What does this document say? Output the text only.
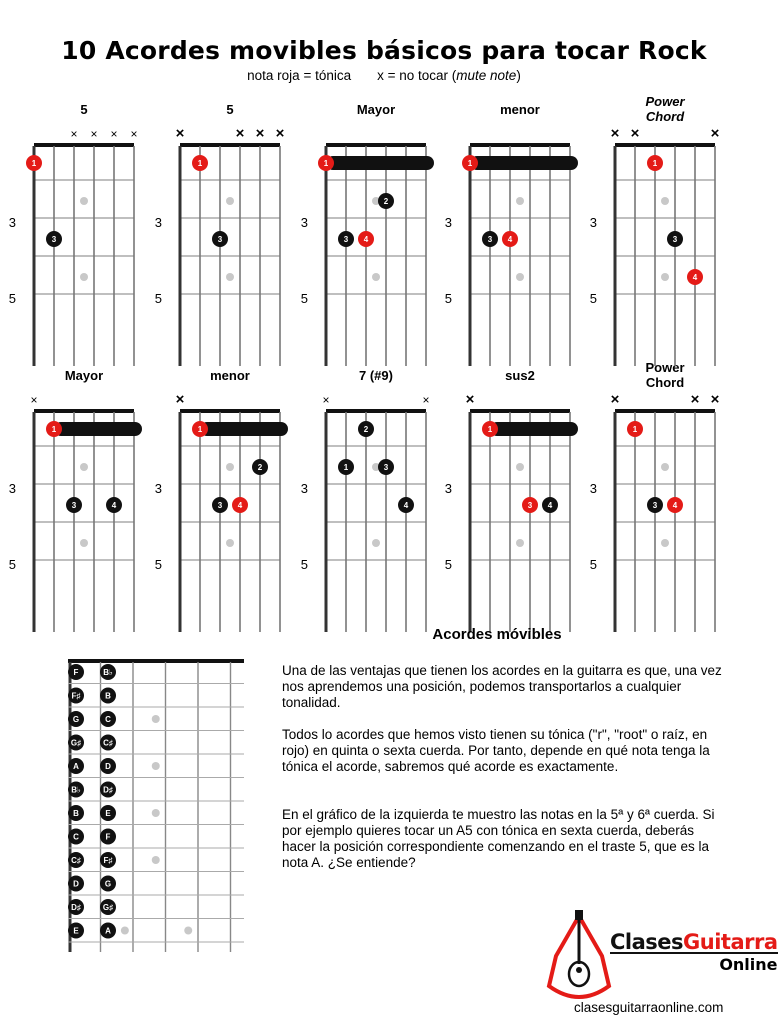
10 Acordes movibles básicos para tocar Rock
nota roja = tónica x = no tocar (mute note)
5	5	Mayor	menor
Power
Chord
Mayor	menor	7 (#9)	sus2
Power
Chord
3
5
× × × ×
1
3
3
5
×	× × ×
1
3
3
5
1
2
3 4
3
5
1
3 4
3
5
× ×	×
1
3
4
3
5
×
1
3	4
3
5
×
1
2
3 4
3
5
×	×
2
1	3
4
3
5
×
1
3 4
3
5
×	× ×
1
3 4
F	B♭
F♯	B
G	C
G♯	C♯
A	D
B♭	D♯
B	E
C	F
C♯	F♯
D	G
D♯	G♯
E	A
Acordes móvibles

Una de las ventajas que tienen los acordes en la guitarra es que, una vez nos aprendemos una posición, podemos transportarlos a cualquier tonalidad.

Todos lo acordes que hemos visto tienen su tónica ("r", "root" o raíz, en rojo) en quinta o sexta cuerda. Por tanto, depende en qué nota tenga la tónica el acorde, sabremos qué acorde es exactamente.

En el gráfico de la izquierda te muestro las notas en la 5ª y 6ª cuerda. Si por ejemplo quieres tocar un A5 con tónica en sexta cuerda, deberás hacer la posición correspondiente comenzando en el traste 5, que es la nota A. ¿Se entiende?

ClasesGuitarra
Online
clasesguitarraonline.com
